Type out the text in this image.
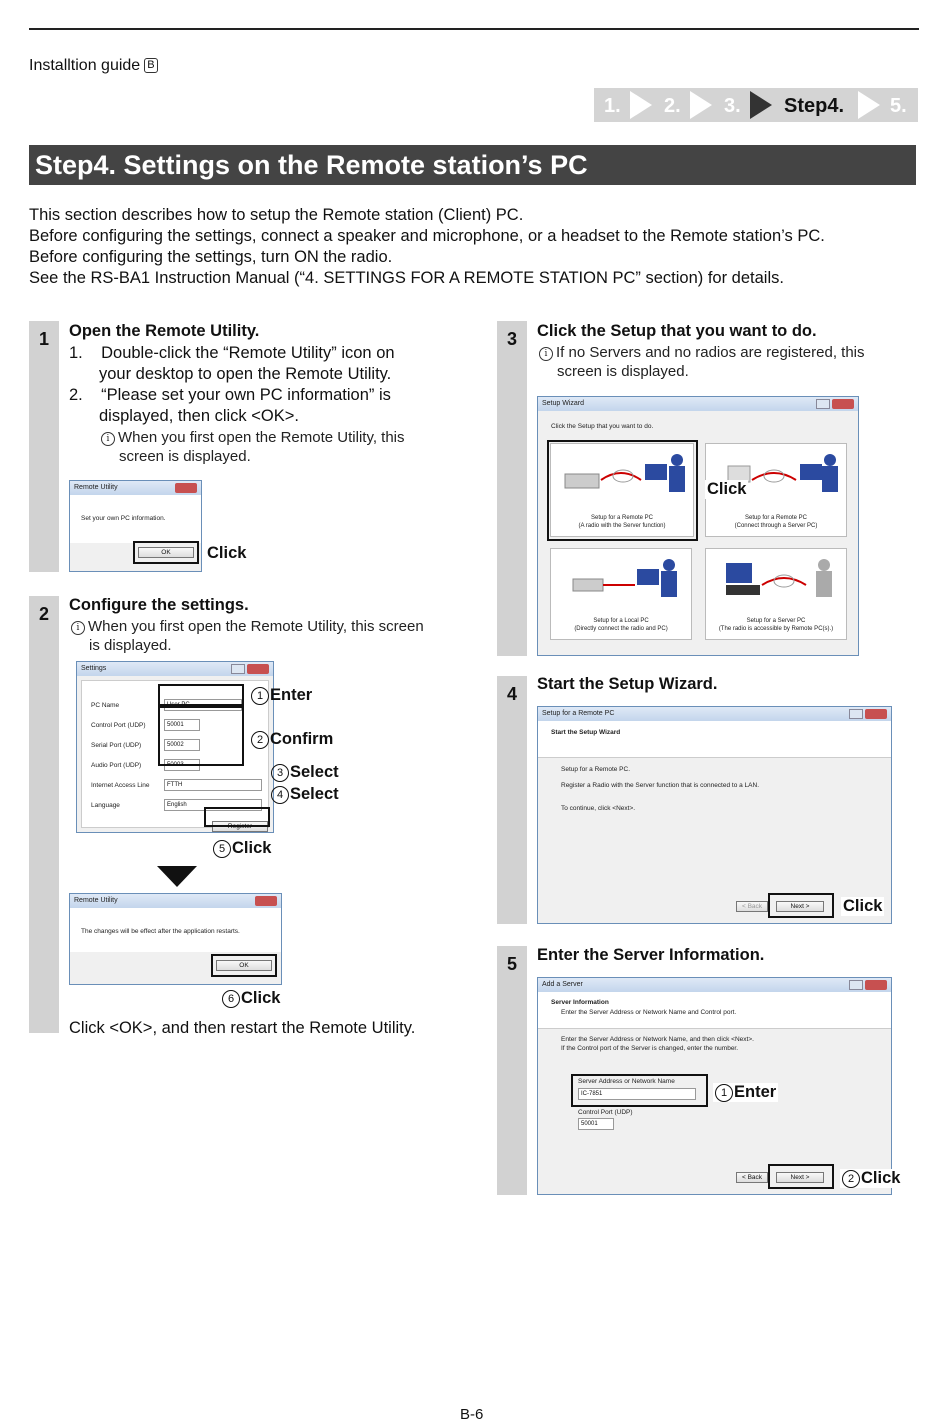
Installtion guide B
1. 2. 3. Step4. 5.
Step4. Settings on the Remote station’s PC
This section describes how to setup the Remote station (Client) PC.
Before configuring the settings, connect a speaker and microphone, or a headset to the Remote station’s PC.
Before configuring the settings, turn ON the radio.
See the RS-BA1 Instruction Manual (“4. SETTINGS FOR A REMOTE STATION PC” section) for details.
1	Open the Remote Utility.
1. Double-click the “Remote Utility” icon on
your desktop to open the Remote Utility.
2. “Please set your own PC information” is
displayed, then click <OK>.
i When you first open the Remote Utility, this
screen is displayed.
Remote Utility
Set your own PC information.
OK	Click
2	Configure the settings.
i When you first open the Remote Utility, this screen
is displayed.
Settings
PC Name	User PC
Control Port (UDP)	50001
Serial Port (UDP)	50002
Audio Port (UDP)	50003
Internet Access Line	FTTH
Language	English
Register
1 Enter
2 Confirm
3 Select
4 Select
5 Click
Remote Utility
The changes will be effect after the application restarts.
OK
6 Click
Click <OK>, and then restart the Remote Utility.
3	Click the Setup that you want to do.
i If no Servers and no radios are registered, this
screen is displayed.
Setup Wizard
Click the Setup that you want to do.
Setup for a Remote PC
(A radio with the Server function)
Setup for a Remote PC
(Connect through a Server PC)
Setup for a Local PC
(Directly connect the radio and PC)
Setup for a Server PC
(The radio is accessible by Remote PC(s).)
Click
4	Start the Setup Wizard.
Setup for a Remote PC
Start the Setup Wizard
Setup for a Remote PC.
Register a Radio with the Server function that is connected to a LAN.
To continue, click <Next>.
< Back	Next >	Click
5	Enter the Server Information.
Add a Server
Server Information
Enter the Server Address or Network Name and Control port.
Enter the Server Address or Network Name, and then click <Next>.
If the Control port of the Server is changed, enter the number.
Server Address or Network Name
IC-7851
Control Port (UDP)
50001
< Back	Next >
1 Enter
2 Click
B-6
